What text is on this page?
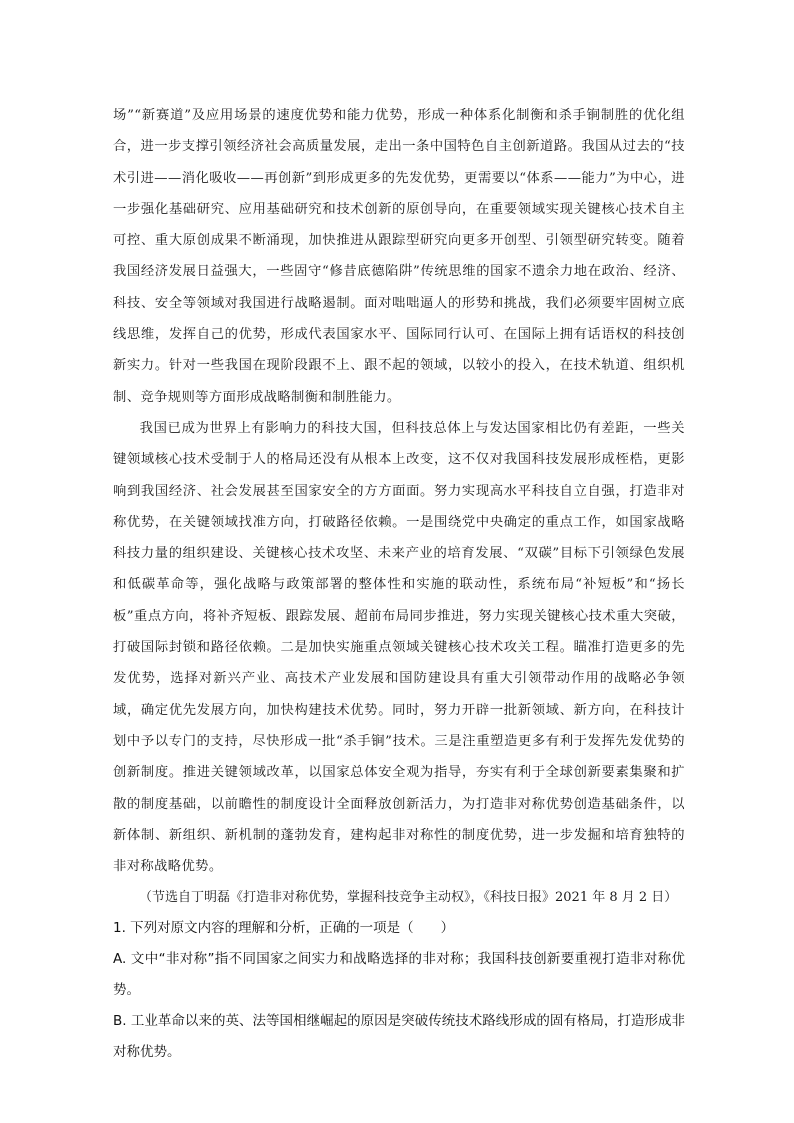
场”“新赛道”及应用场景的速度优势和能力优势，形成一种体系化制衡和杀手锏制胜的优化组合，进一步支撑引领经济社会高质量发展，走出一条中国特色自主创新道路。我国从过去的“技术引进——消化吸收——再创新”到形成更多的先发优势，更需要以“体系——能力”为中心，进一步强化基础研究、应用基础研究和技术创新的原创导向，在重要领域实现关键核心技术自主可控、重大原创成果不断涌现，加快推进从跟踪型研究向更多开创型、引领型研究转变。随着我国经济发展日益强大，一些固守“修昔底德陷阱”传统思维的国家不遗余力地在政治、经济、科技、安全等领域对我国进行战略遏制。面对咄咄逼人的形势和挑战，我们必须要牢固树立底线思维，发挥自己的优势，形成代表国家水平、国际同行认可、在国际上拥有话语权的科技创新实力。针对一些我国在现阶段跟不上、跟不起的领域，以较小的投入，在技术轨道、组织机制、竞争规则等方面形成战略制衡和制胜能力。

我国已成为世界上有影响力的科技大国，但科技总体上与发达国家相比仍有差距，一些关键领域核心技术受制于人的格局还没有从根本上改变，这不仅对我国科技发展形成桎梏，更影响到我国经济、社会发展甚至国家安全的方方面面。努力实现高水平科技自立自强，打造非对称优势，在关键领域找准方向，打破路径依赖。一是围绕党中央确定的重点工作，如国家战略科技力量的组织建设、关键核心技术攻坚、未来产业的培育发展、“双碳”目标下引领绿色发展和低碳革命等，强化战略与政策部署的整体性和实施的联动性，系统布局“补短板”和“扬长板”重点方向，将补齐短板、跟踪发展、超前布局同步推进，努力实现关键核心技术重大突破，打破国际封锁和路径依赖。二是加快实施重点领域关键核心技术攻关工程。瞄准打造更多的先发优势，选择对新兴产业、高技术产业发展和国防建设具有重大引领带动作用的战略必争领域，确定优先发展方向，加快构建技术优势。同时，努力开辟一批新领域、新方向，在科技计划中予以专门的支持，尽快形成一批“杀手锏”技术。三是注重塑造更多有利于发挥先发优势的创新制度。推进关键领域改革，以国家总体安全观为指导，夯实有利于全球创新要素集聚和扩散的制度基础，以前瞻性的制度设计全面释放创新活力，为打造非对称优势创造基础条件，以新体制、新组织、新机制的蓬勃发育，建构起非对称性的制度优势，进一步发掘和培育独特的非对称战略优势。

（节选自丁明磊《打造非对称优势，掌握科技竞争主动权》，《科技日报》2021 年 8 月 2 日）

1. 下列对原文内容的理解和分析，正确的一项是（　　）

A. 文中“非对称”指不同国家之间实力和战略选择的非对称；我国科技创新要重视打造非对称优势。

B. 工业革命以来的英、法等国相继崛起的原因是突破传统技术路线形成的固有格局，打造形成非对称优势。
